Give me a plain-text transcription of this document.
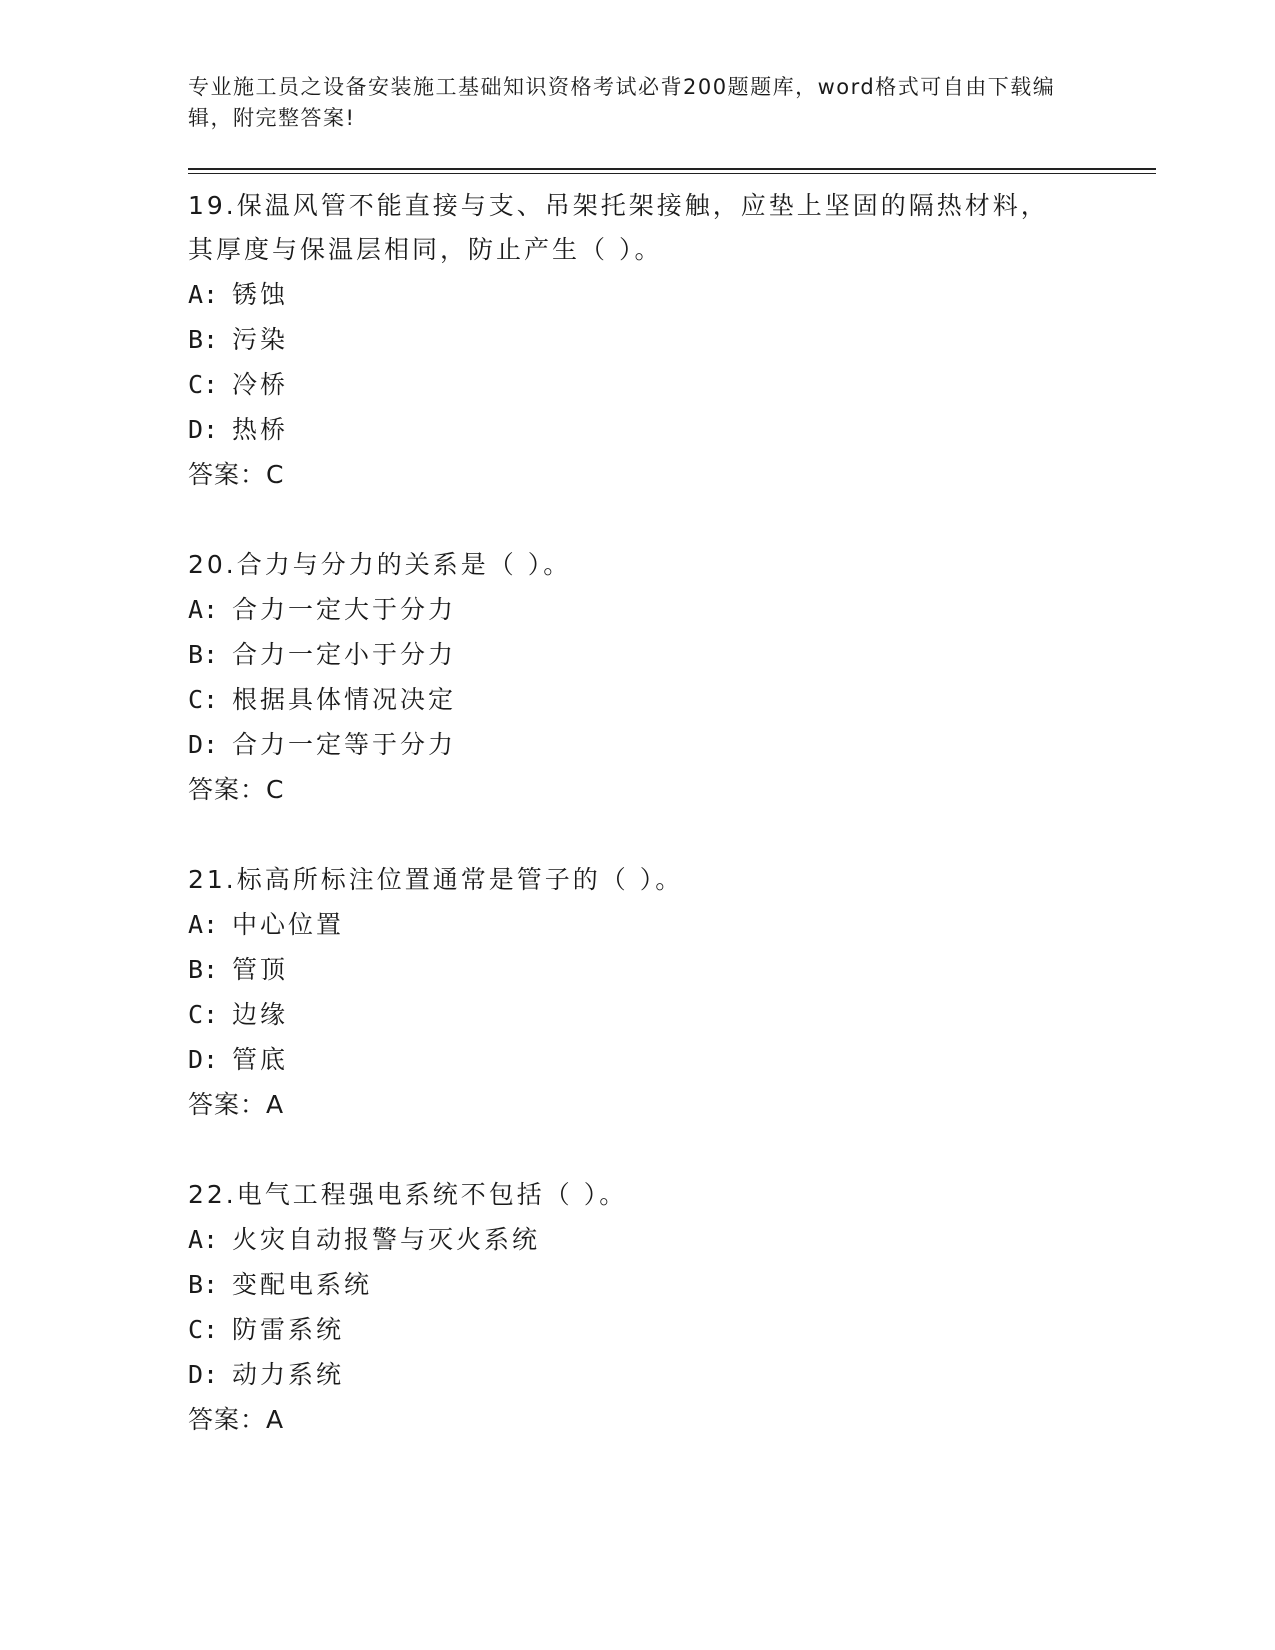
专业施工员之设备安装施工基础知识资格考试必背200题题库，word格式可自由下载编辑，附完整答案!

19.保温风管不能直接与支、吊架托架接触，应垫上坚固的隔热材料，其厚度与保温层相同，防止产生（ ）。

A: 锈蚀

B: 污染

C: 冷桥

D: 热桥

答案：C

20.合力与分力的关系是（ ）。

A: 合力一定大于分力

B: 合力一定小于分力

C: 根据具体情况决定

D: 合力一定等于分力

答案：C

21.标高所标注位置通常是管子的（ ）。

A: 中心位置

B: 管顶

C: 边缘

D: 管底

答案：A

22.电气工程强电系统不包括（ ）。

A: 火灾自动报警与灭火系统

B: 变配电系统

C: 防雷系统

D: 动力系统

答案：A
